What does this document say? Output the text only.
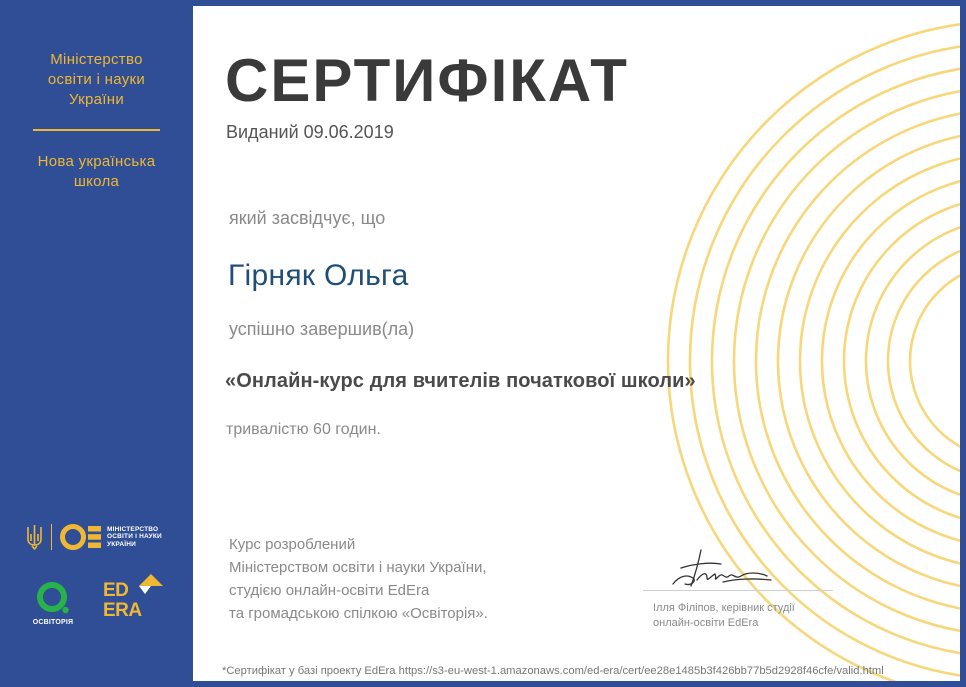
СЕРТИФІКАТ
Виданий 09.06.2019
який засвідчує, що
Гірняк Ольга
успішно завершив(ла)
«Онлайн-курс для вчителів початкової школи»
тривалістю 60 годин.
Курс розроблений
Міністерством освіти і науки України,
студією онлайн-освіти EdEra
та громадською спілкою «Освіторія».	Ілля Філіпов, керівник студії
онлайн-освіти EdEra
*Сертифікат у базі проекту EdEra https://s3-eu-west-1.amazonaws.com/ed-era/cert/ee28e1485b3f426bb77b5d2928f46cfe/valid.html
Міністерство
освіти і науки
України
Нова українська
школа
МІНІСТЕРСТВО
ОСВІТИ І НАУКИ
УКРАЇНИ
ОСВІТОРІЯ
ED
ERA
